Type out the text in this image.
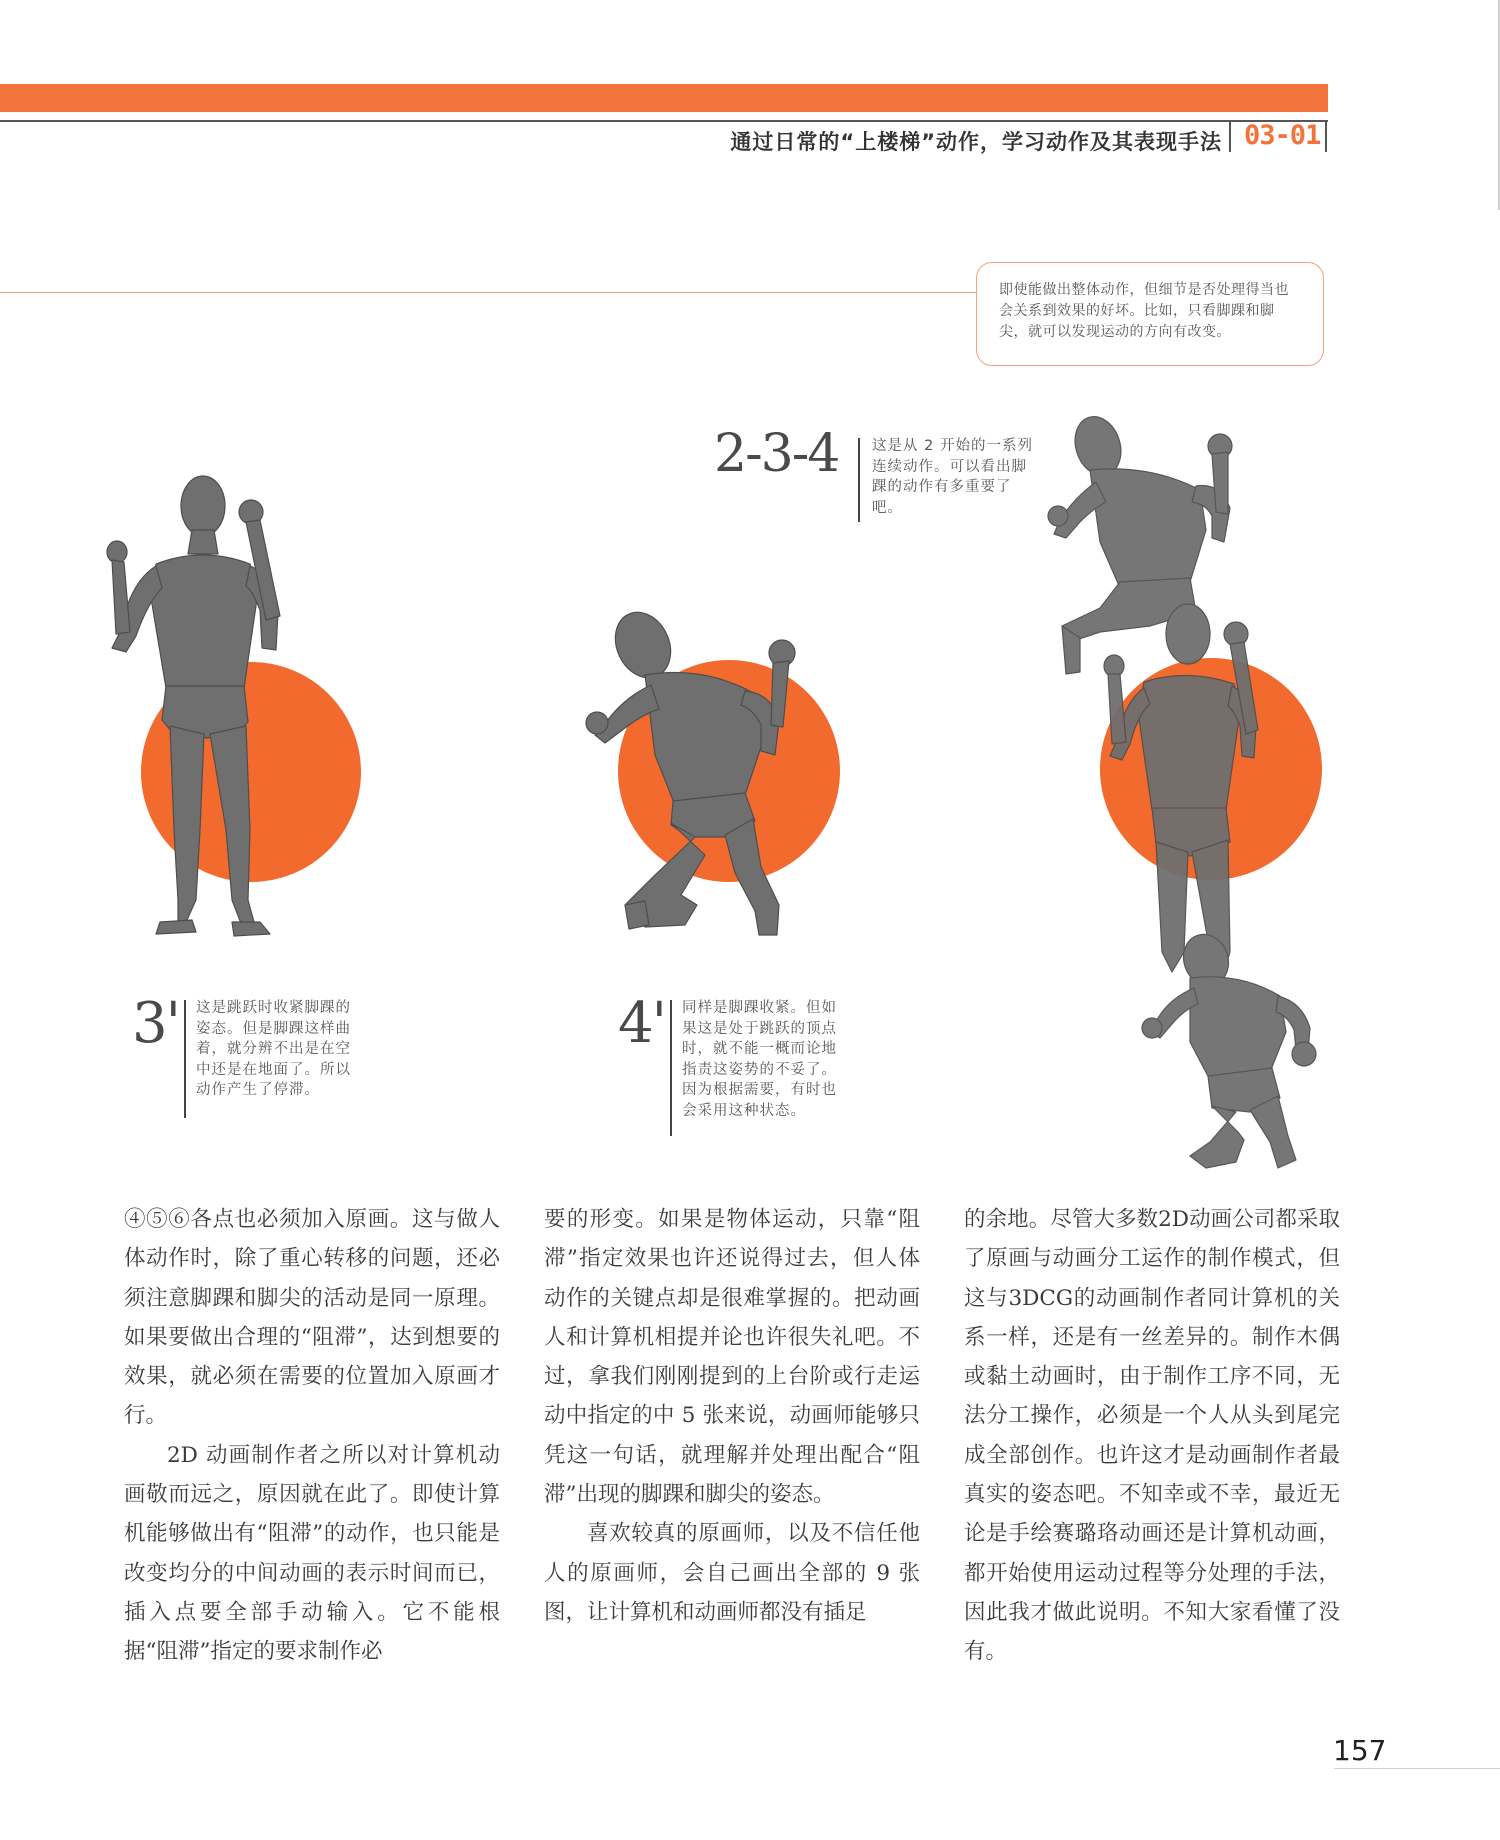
通过日常的“上楼梯”动作，学习动作及其表现手法 03-01
即使能做出整体动作，但细节是否处理得当也会关系到效果的好坏。比如，只看脚踝和脚尖，就可以发现运动的方向有改变。
2-3-4 这是从 2 开始的一系列连续动作。可以看出脚踝的动作有多重要了吧。
3' 这是跳跃时收紧脚踝的姿态。但是脚踝这样曲着，就分辨不出是在空中还是在地面了。所以动作产生了停滞。
4' 同样是脚踝收紧。但如果这是处于跳跃的顶点时，就不能一概而论地指责这姿势的不妥了。因为根据需要，有时也会采用这种状态。

④⑤⑥各点也必须加入原画。这与做人体动作时，除了重心转移的问题，还必须注意脚踝和脚尖的活动是同一原理。如果要做出合理的“阻滞”，达到想要的效果，就必须在需要的位置加入原画才行。

2D 动画制作者之所以对计算机动画敬而远之，原因就在此了。即使计算机能够做出有“阻滞”的动作，也只能是改变均分的中间动画的表示时间而已，插入点要全部手动输入。它不能根据“阻滞”指定的要求制作必

要的形变。如果是物体运动，只靠“阻滞”指定效果也许还说得过去，但人体动作的关键点却是很难掌握的。把动画人和计算机相提并论也许很失礼吧。不过，拿我们刚刚提到的上台阶或行走运动中指定的中 5 张来说，动画师能够只凭这一句话，就理解并处理出配合“阻滞”出现的脚踝和脚尖的姿态。

喜欢较真的原画师，以及不信任他人的原画师，会自己画出全部的 9 张图，让计算机和动画师都没有插足

的余地。尽管大多数2D动画公司都采取了原画与动画分工运作的制作模式，但这与3DCG的动画制作者同计算机的关系一样，还是有一丝差异的。制作木偶或黏土动画时，由于制作工序不同，无法分工操作，必须是一个人从头到尾完成全部创作。也许这才是动画制作者最真实的姿态吧。不知幸或不幸，最近无论是手绘赛璐珞动画还是计算机动画，都开始使用运动过程等分处理的手法，因此我才做此说明。不知大家看懂了没有。

157
